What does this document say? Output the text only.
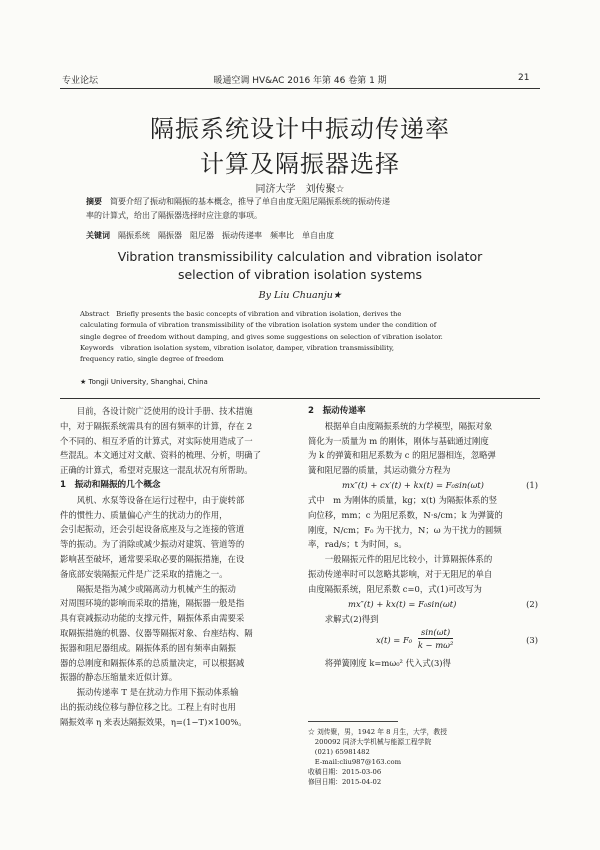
专业论坛	暖通空调 HV&AC 2016 年第 46 卷第 1 期	21
隔振系统设计中振动传递率
计算及隔振器选择
同济大学　刘传聚☆
摘要　 简要介绍了振动和隔振的基本概念，推导了单自由度无阻尼隔振系统的振动传递
率的计算式，给出了隔振器选择时应注意的事项。
关键词　 隔振系统　隔振器　阻尼器　振动传递率　频率比　单自由度
Vibration transmissibility calculation and vibration isolator
selection of vibration isolation systems
By Liu Chuanju★
Abstract　Briefly presents the basic concepts of vibration and vibration isolation, derives the
calculating formula of vibration transmissibility of the vibration isolation system under the condition of
single degree of freedom without damping, and gives some suggestions on selection of vibration isolator.
Keywords　vibration isolation system, vibration isolator, damper, vibration transmissibility,
frequency ratio, single degree of freedom
★ Tongji University, Shanghai, China

目前，各设计院广泛使用的设计手册、技术措施

中，对于隔振系统需具有的固有频率的计算，存在 2
个不同的、相互矛盾的计算式，对实际使用造成了一
些混乱。本文通过对文献、资料的梳理、分析，明确了
正确的计算式，希望对克服这一混乱状况有所帮助。
1　振动和隔振的几个概念

风机、水泵等设备在运行过程中，由于旋转部

件的惯性力、质量偏心产生的扰动力的作用，
会引起振动，还会引起设备底座及与之连接的管道
等的振动。为了消除或减少振动对建筑、管道等的
影响甚至破坏，通常要采取必要的隔振措施，在设
备底部安装隔振元件是广泛采取的措施之一。

隔振是指为减少或隔离动力机械产生的振动

对周围环境的影响而采取的措施，隔振器一般是指
具有衰减振动功能的支撑元件，隔振体系由需要采
取隔振措施的机器、仪器等隔振对象、台座结构、隔
振器和阻尼器组成。隔振体系的固有频率由隔振
器的总刚度和隔振体系的总质量决定，可以根据减
振器的静态压缩量来近似计算。

振动传递率 T 是在扰动力作用下振动体系输

出的振动线位移与静位移之比。工程上有时也用
隔振效率 η 来表达隔振效果，η=(1−T)×100%。
2　振动传递率

根据单自由度隔振系统的力学模型，隔振对象

简化为一质量为 m 的刚体，刚体与基础通过刚度
为 k 的弹簧和阻尼系数为 c 的阻尼器相连，忽略弹
簧和阻尼器的质量，其运动微分方程为
mx″(t) + cx′(t) + kx(t) = F₀sin(ωt)	(1)
式中　m 为刚体的质量，kg；x(t) 为隔振体系的竖
向位移，mm；c 为阻尼系数，N·s/cm；k 为弹簧的
刚度，N/cm；F₀ 为干扰力，N；ω 为干扰力的圆频
率，rad/s；t 为时间，s。

一般隔振元件的阻尼比较小，计算隔振体系的

振动传递率时可以忽略其影响，对于无阻尼的单自
由度隔振系统，阻尼系数 c=0，式(1)可改写为
mx″(t) + kx(t) = F₀sin(ωt)	(2)

求解式(2)得到

$x(t) = F_0 \frac{\sin(\omega t)}{\text{k − mω²}}$	(3)

将弹簧刚度 k=mω₀² 代入式(3)得

☆ 刘传聚，男，1942 年 8 月生，大学，教授
　200092 同济大学机械与能源工程学院
　(021) 65981482
　E-mail:cliu987@163.com
收稿日期：2015-03-06
修回日期：2015-04-02
